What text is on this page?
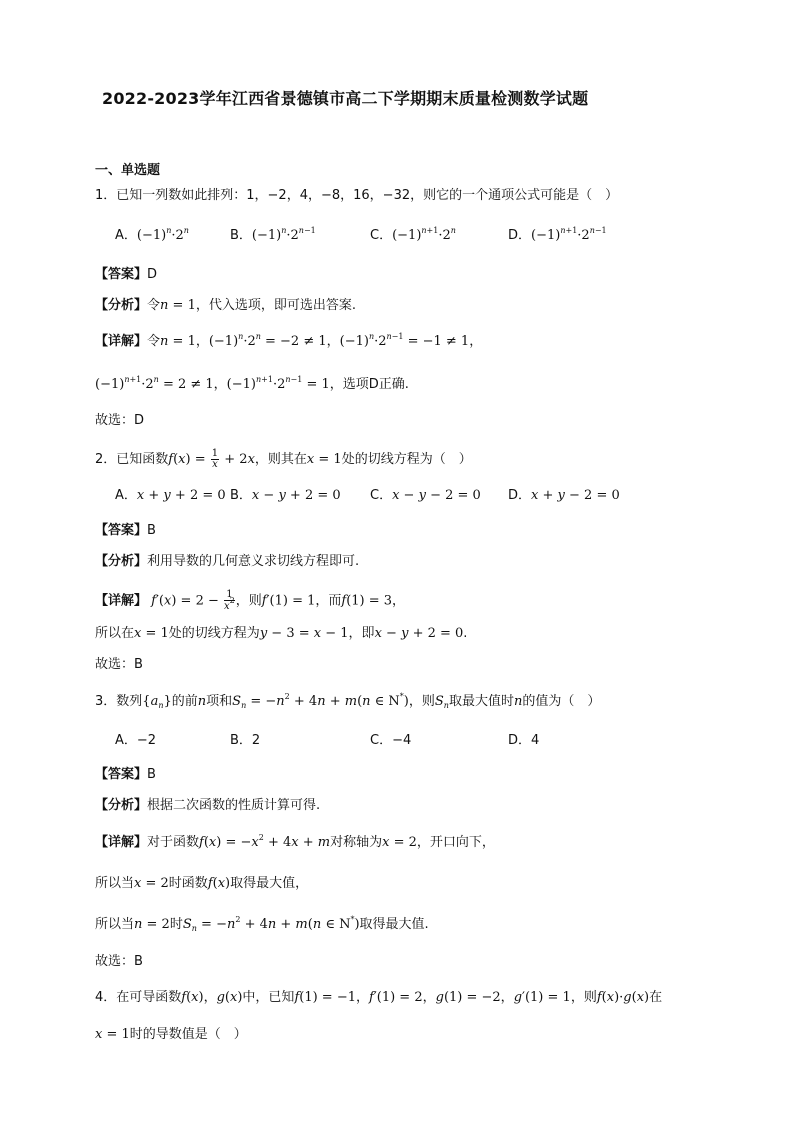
2022-2023学年江西省景德镇市高二下学期期末质量检测数学试题
一、单选题
1．已知一列数如此排列：1，−2，4，−8，16，−32，则它的一个通项公式可能是（　）
A．$(-1)^n\cdot 2^n$	B．$(-1)^n\cdot 2^{n-1}$	C．$(-1)^{n+1}\cdot 2^n$	D．$(-1)^{n+1}\cdot 2^{n-1}$
【答案】D
【分析】令n = 1，代入选项，即可选出答案.
【详解】令n = 1，$(-1)^n\cdot 2^n = -2 \ne 1$，$(-1)^n\cdot 2^{n-1} = -1 \ne 1$，
$(-1)^{n+1}\cdot 2^n = 2 \ne 1$，$(-1)^{n+1}\cdot 2^{n-1} = 1$，选项D正确.
故选：D
2．已知函数$f(x) = \frac{1}{x} + 2x$，则其在x = 1处的切线方程为（　）
A．x + y + 2 = 0 B．x − y + 2 = 0 C．x − y − 2 = 0 D．x + y − 2 = 0
【答案】B
【分析】利用导数的几何意义求切线方程即可.
【详解】 $f'(x) = 2 - \frac{1}{x^2}$ ，则f′(1) = 1，而f(1) = 3，
所以在x = 1处的切线方程为y − 3 = x − 1，即x − y + 2 = 0.
故选：B
3．数列$\{a_n\}$的前n项和$S_n = -n^2 + 4n + m(n$ ∈ N*)，则$S_n$取最大值时n的值为（　）
A．−2	B．2	C．−4	D．4
【答案】B
【分析】根据二次函数的性质计算可得.
【详解】对于函数$f(x) = -x^2 + 4x + m$对称轴为x = 2，开口向下，
所以当x = 2时函数f(x)取得最大值，
所以当n = 2时$S_n = -n^2 + 4n + m(n$ ∈ N*)取得最大值.
故选：B
4．在可导函数f(x)，g(x)中，已知f(1) = −1，f′(1) = 2，g(1) = −2，g′(1) = 1，则f(x)·g(x)在
x = 1时的导数值是（　）
